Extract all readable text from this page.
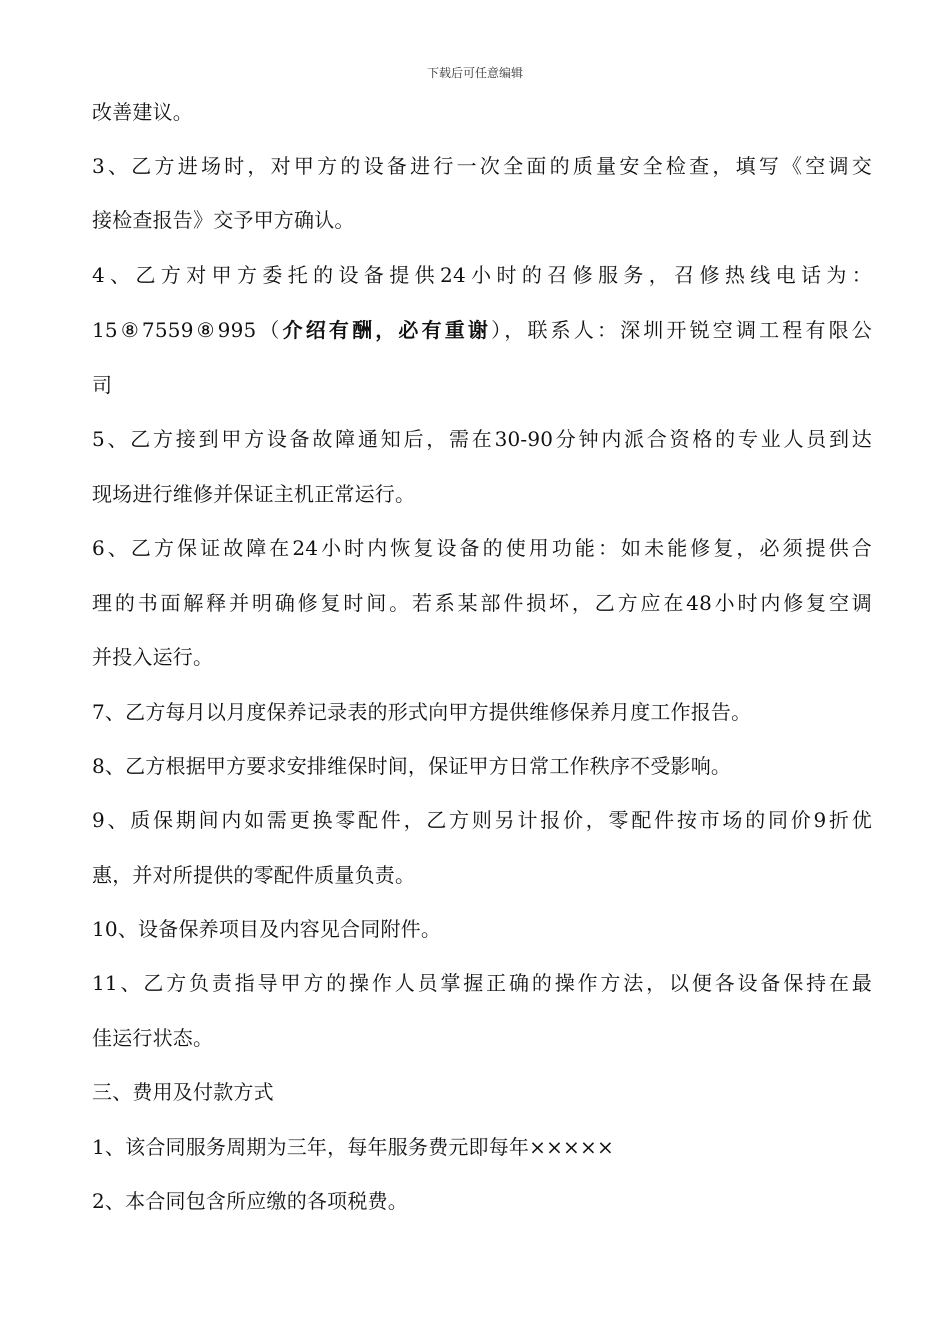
下载后可任意编辑
改善建议。
3、乙方进场时，对甲方的设备进行一次全面的质量安全检查，填写《空调交
接检查报告》交予甲方确认。
4、乙方对甲方委托的设备提供24小时的召修服务，召修热线电话为：
15⑧7559⑧995（介绍有酬，必有重谢），联系人：深圳开锐空调工程有限公
司
5、乙方接到甲方设备故障通知后，需在30-90分钟内派合资格的专业人员到达
现场进行维修并保证主机正常运行。
6、乙方保证故障在24小时内恢复设备的使用功能：如未能修复，必须提供合
理的书面解释并明确修复时间。若系某部件损坏，乙方应在48小时内修复空调
并投入运行。
7、乙方每月以月度保养记录表的形式向甲方提供维修保养月度工作报告。
8、乙方根据甲方要求安排维保时间，保证甲方日常工作秩序不受影响。
9、质保期间内如需更换零配件，乙方则另计报价，零配件按市场的同价9折优
惠，并对所提供的零配件质量负责。
10、设备保养项目及内容见合同附件。
11、乙方负责指导甲方的操作人员掌握正确的操作方法，以便各设备保持在最
佳运行状态。
三、费用及付款方式
1、该合同服务周期为三年，每年服务费元即每年×××××
2、本合同包含所应缴的各项税费。
